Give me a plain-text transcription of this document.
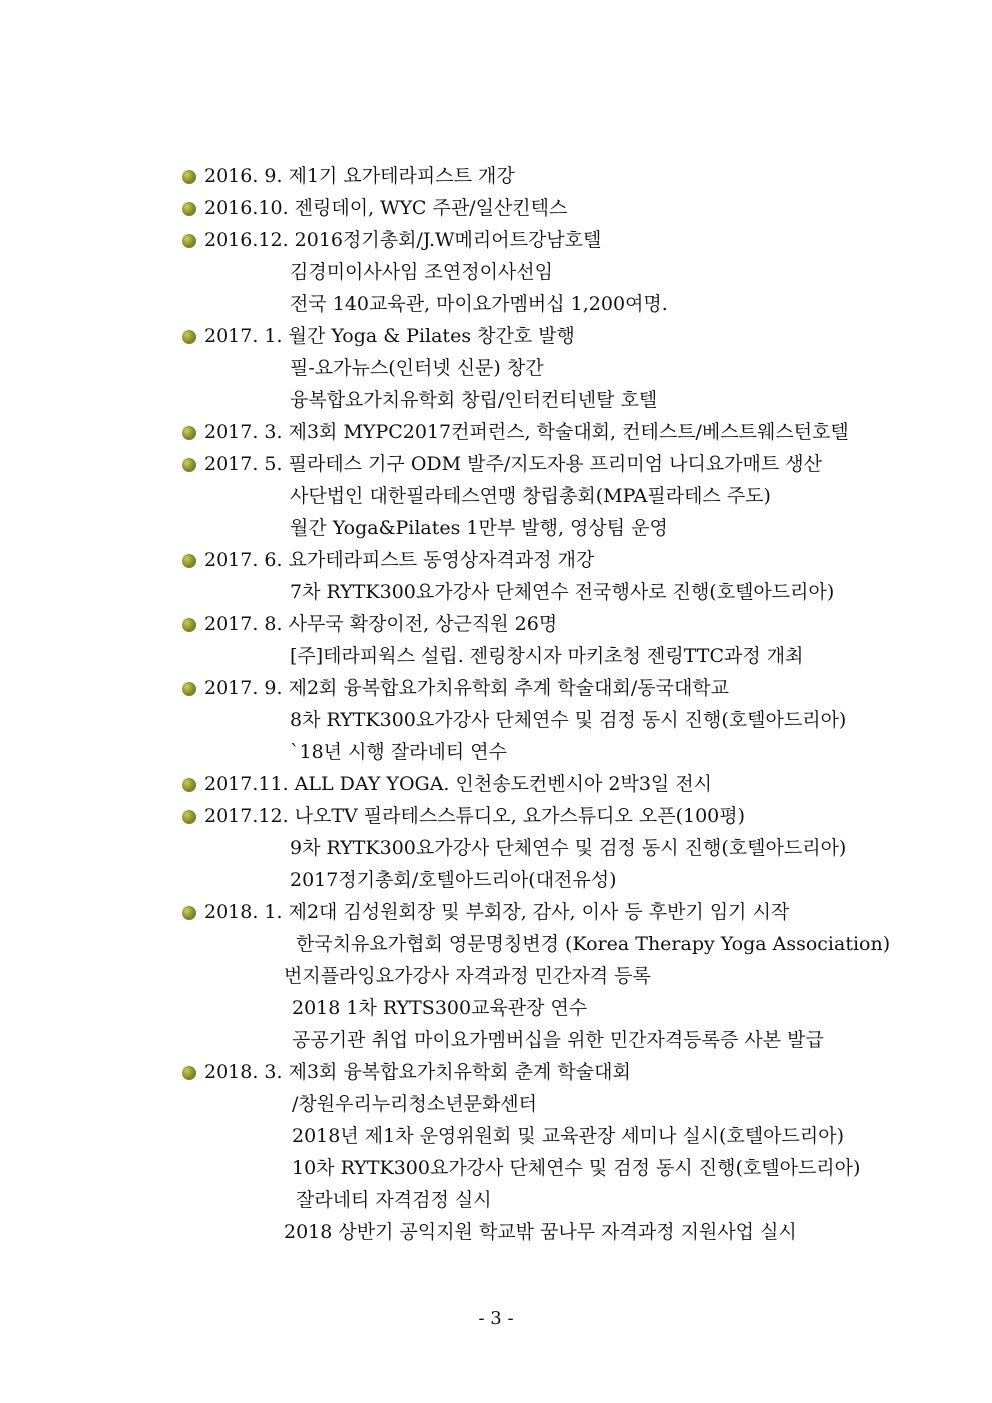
2016. 9. 제1기 요가테라피스트 개강
2016.10. 젠링데이, WYC 주관/일산킨텍스
2016.12. 2016정기총회/J.W메리어트강남호텔
김경미이사사임 조연정이사선임
전국 140교육관, 마이요가멤버십 1,200여명.
2017. 1. 월간 Yoga & Pilates 창간호 발행
필-요가뉴스(인터넷 신문) 창간
융복합요가치유학회 창립/인터컨티넨탈 호텔
2017. 3. 제3회 MYPC2017컨퍼런스, 학술대회, 컨테스트/베스트웨스턴호텔
2017. 5. 필라테스 기구 ODM 발주/지도자용 프리미엄 나디요가매트 생산
사단법인 대한필라테스연맹 창립총회(MPA필라테스 주도)
월간 Yoga&Pilates 1만부 발행, 영상팀 운영
2017. 6. 요가테라피스트 동영상자격과정 개강
7차 RYTK300요가강사 단체연수 전국행사로 진행(호텔아드리아)
2017. 8. 사무국 확장이전, 상근직원 26명
[주]테라피웍스 설립. 젠링창시자 마키초청 젠링TTC과정 개최
2017. 9. 제2회 융복합요가치유학회 추계 학술대회/동국대학교
8차 RYTK300요가강사 단체연수 및 검정 동시 진행(호텔아드리아)
`18년 시행 잘라네티 연수
2017.11. ALL DAY YOGA. 인천송도컨벤시아 2박3일 전시
2017.12. 나오TV 필라테스스튜디오, 요가스튜디오 오픈(100평)
9차 RYTK300요가강사 단체연수 및 검정 동시 진행(호텔아드리아)
2017정기총회/호텔아드리아(대전유성)
2018. 1. 제2대 김성원회장 및 부회장, 감사, 이사 등 후반기 임기 시작
한국치유요가협회 영문명칭변경 (Korea Therapy Yoga Association)
번지플라잉요가강사 자격과정 민간자격 등록
2018 1차 RYTS300교육관장 연수
공공기관 취업 마이요가멤버십을 위한 민간자격등록증 사본 발급
2018. 3. 제3회 융복합요가치유학회 춘계 학술대회
/창원우리누리청소년문화센터
2018년 제1차 운영위원회 및 교육관장 세미나 실시(호텔아드리아)
10차 RYTK300요가강사 단체연수 및 검정 동시 진행(호텔아드리아)
잘라네티 자격검정 실시
2018 상반기 공익지원 학교밖 꿈나무 자격과정 지원사업 실시
- 3 -
